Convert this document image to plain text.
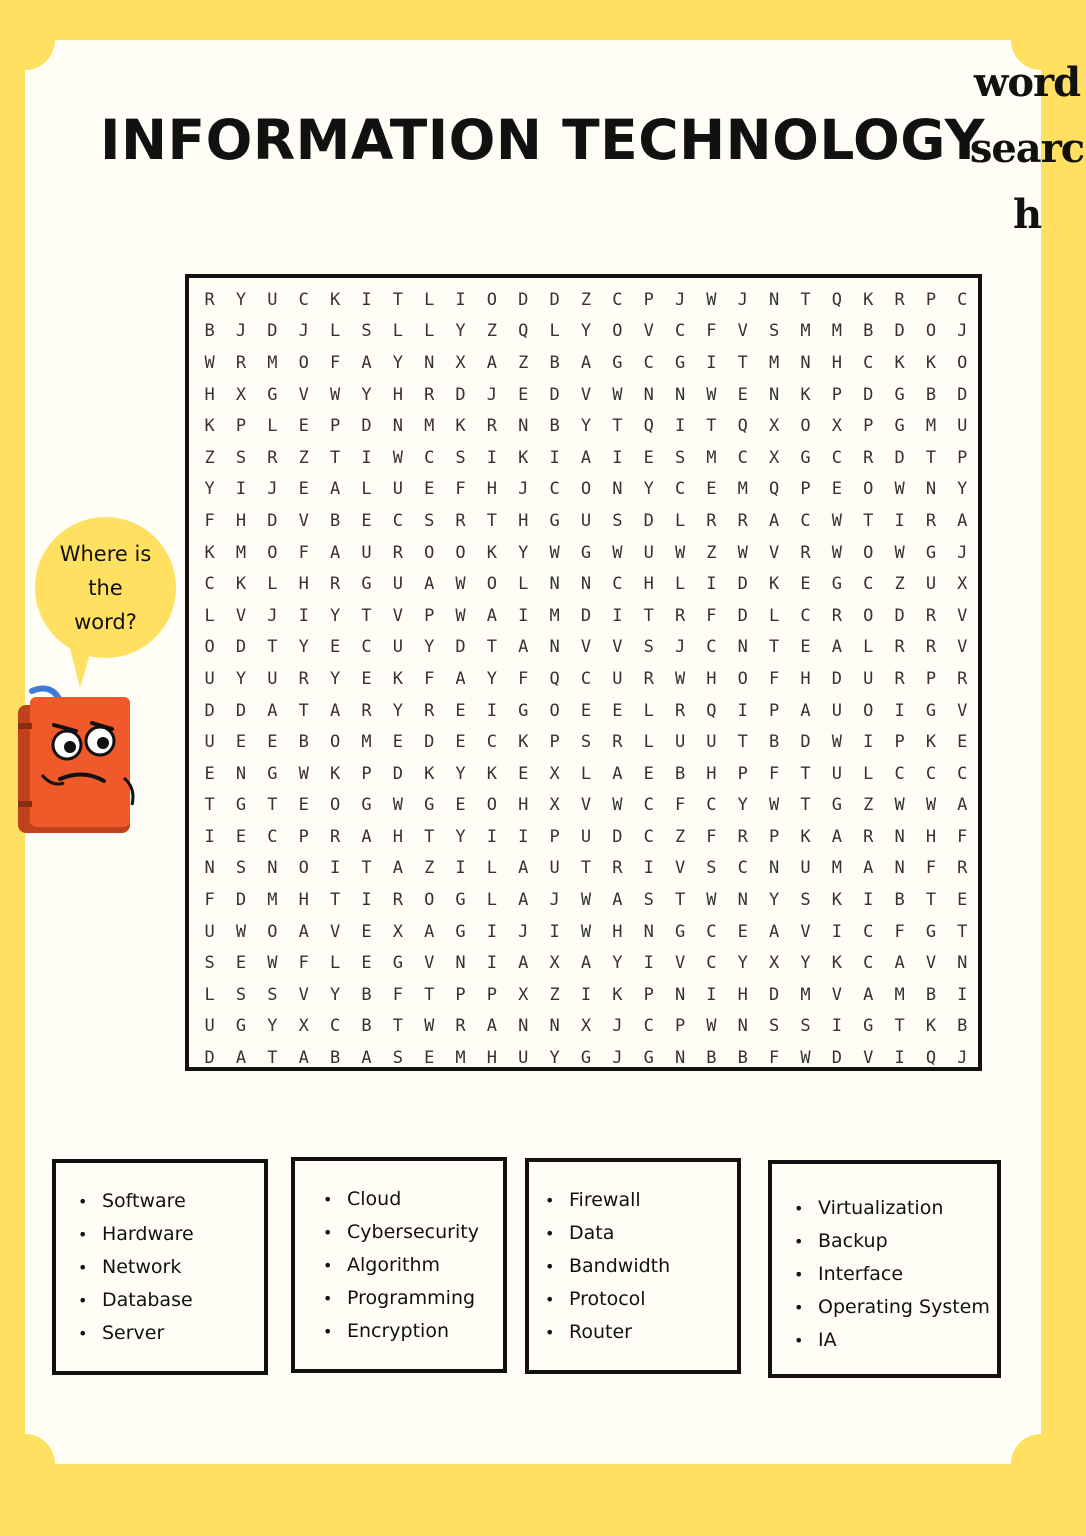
INFORMATION TECHNOLOGY
word search
R	Y	U	C	K	I	T	L	I	O	D	D	Z	C	P	J	W	J	N	T	Q	K	R	P	C
B	J	D	J	L	S	L	L	Y	Z	Q	L	Y	O	V	C	F	V	S	M	M	B	D	O	J
W	R	M	O	F	A	Y	N	X	A	Z	B	A	G	C	G	I	T	M	N	H	C	K	K	O
H	X	G	V	W	Y	H	R	D	J	E	D	V	W	N	N	W	E	N	K	P	D	G	B	D
K	P	L	E	P	D	N	M	K	R	N	B	Y	T	Q	I	T	Q	X	O	X	P	G	M	U
Z	S	R	Z	T	I	W	C	S	I	K	I	A	I	E	S	M	C	X	G	C	R	D	T	P
Y	I	J	E	A	L	U	E	F	H	J	C	O	N	Y	C	E	M	Q	P	E	O	W	N	Y
F	H	D	V	B	E	C	S	R	T	H	G	U	S	D	L	R	R	A	C	W	T	I	R	A
K	M	O	F	A	U	R	O	O	K	Y	W	G	W	U	W	Z	W	V	R	W	O	W	G	J
C	K	L	H	R	G	U	A	W	O	L	N	N	C	H	L	I	D	K	E	G	C	Z	U	X
L	V	J	I	Y	T	V	P	W	A	I	M	D	I	T	R	F	D	L	C	R	O	D	R	V
O	D	T	Y	E	C	U	Y	D	T	A	N	V	V	S	J	C	N	T	E	A	L	R	R	V
U	Y	U	R	Y	E	K	F	A	Y	F	Q	C	U	R	W	H	O	F	H	D	U	R	P	R
D	D	A	T	A	R	Y	R	E	I	G	O	E	E	L	R	Q	I	P	A	U	O	I	G	V
U	E	E	B	O	M	E	D	E	C	K	P	S	R	L	U	U	T	B	D	W	I	P	K	E
E	N	G	W	K	P	D	K	Y	K	E	X	L	A	E	B	H	P	F	T	U	L	C	C	C
T	G	T	E	O	G	W	G	E	O	H	X	V	W	C	F	C	Y	W	T	G	Z	W	W	A
I	E	C	P	R	A	H	T	Y	I	I	P	U	D	C	Z	F	R	P	K	A	R	N	H	F
N	S	N	O	I	T	A	Z	I	L	A	U	T	R	I	V	S	C	N	U	M	A	N	F	R
F	D	M	H	T	I	R	O	G	L	A	J	W	A	S	T	W	N	Y	S	K	I	B	T	E
U	W	O	A	V	E	X	A	G	I	J	I	W	H	N	G	C	E	A	V	I	C	F	G	T
S	E	W	F	L	E	G	V	N	I	A	X	A	Y	I	V	C	Y	X	Y	K	C	A	V	N
L	S	S	V	Y	B	F	T	P	P	X	Z	I	K	P	N	I	H	D	M	V	A	M	B	I
U	G	Y	X	C	B	T	W	R	A	N	N	X	J	C	P	W	N	S	S	I	G	T	K	B
D	A	T	A	B	A	S	E	M	H	U	Y	G	J	G	N	B	B	F	W	D	V	I	Q	J
Where is
the
word?
• Software
• Hardware
• Network
• Database
• Server
• Cloud
• Cybersecurity
• Algorithm
• Programming
• Encryption
• Firewall
• Data
• Bandwidth
• Protocol
• Router
• Virtualization
• Backup
• Interface
• Operating System
• IA
